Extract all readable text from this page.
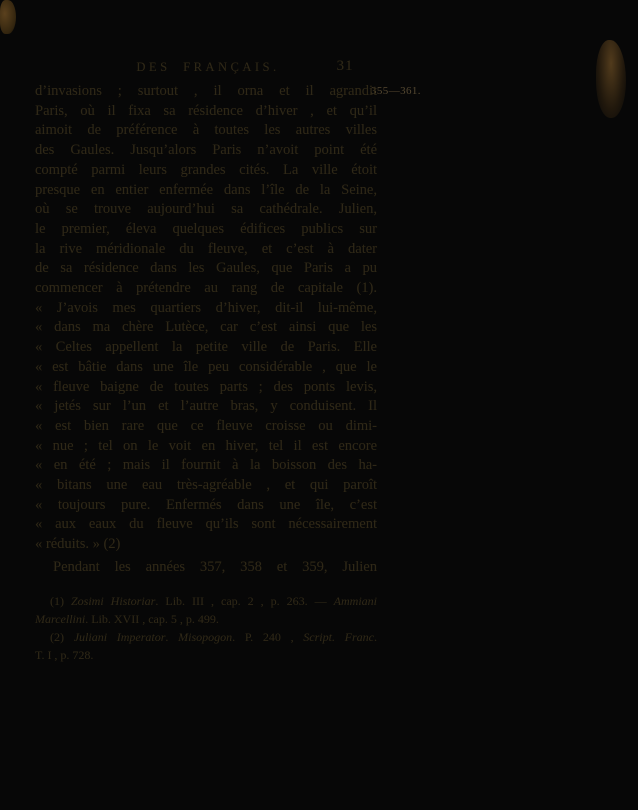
DES FRANÇAIS.	31
355—361.
d’invasions ; surtout , il orna et il agrandit
Paris, où il fixa sa résidence d’hiver , et qu’il
aimoit de préférence à toutes les autres villes
des Gaules. Jusqu’alors Paris n’avoit point été
compté parmi leurs grandes cités. La ville étoit
presque en entier enfermée dans l’île de la Seine,
où se trouve aujourd’hui sa cathédrale. Julien,
le premier, éleva quelques édifices publics sur
la rive méridionale du fleuve, et c’est à dater
de sa résidence dans les Gaules, que Paris a pu
commencer à prétendre au rang de capitale (1).
« J’avois mes quartiers d’hiver, dit-il lui-même,
« dans ma chère Lutèce, car c’est ainsi que les
« Celtes appellent la petite ville de Paris. Elle
« est bâtie dans une île peu considérable , que le
« fleuve baigne de toutes parts ; des ponts levis,
« jetés sur l’un et l’autre bras, y conduisent. Il
« est bien rare que ce fleuve croisse ou dimi-
« nue ; tel on le voit en hiver, tel il est encore
« en été ; mais il fournit à la boisson des ha-
« bitans une eau très-agréable , et qui paroît
« toujours pure. Enfermés dans une île, c’est
« aux eaux du fleuve qu’ils sont nécessairement
« réduits. » (2)
Pendant les années 357, 358 et 359, Julien
(1) Zosimi Historiar. Lib. III , cap. 2 , p. 263. — Ammiani
Marcellini. Lib. XVII , cap. 5 , p. 499.
(2) Juliani Imperator. Misopogon. P. 240 , Script. Franc.
T. I , p. 728.
